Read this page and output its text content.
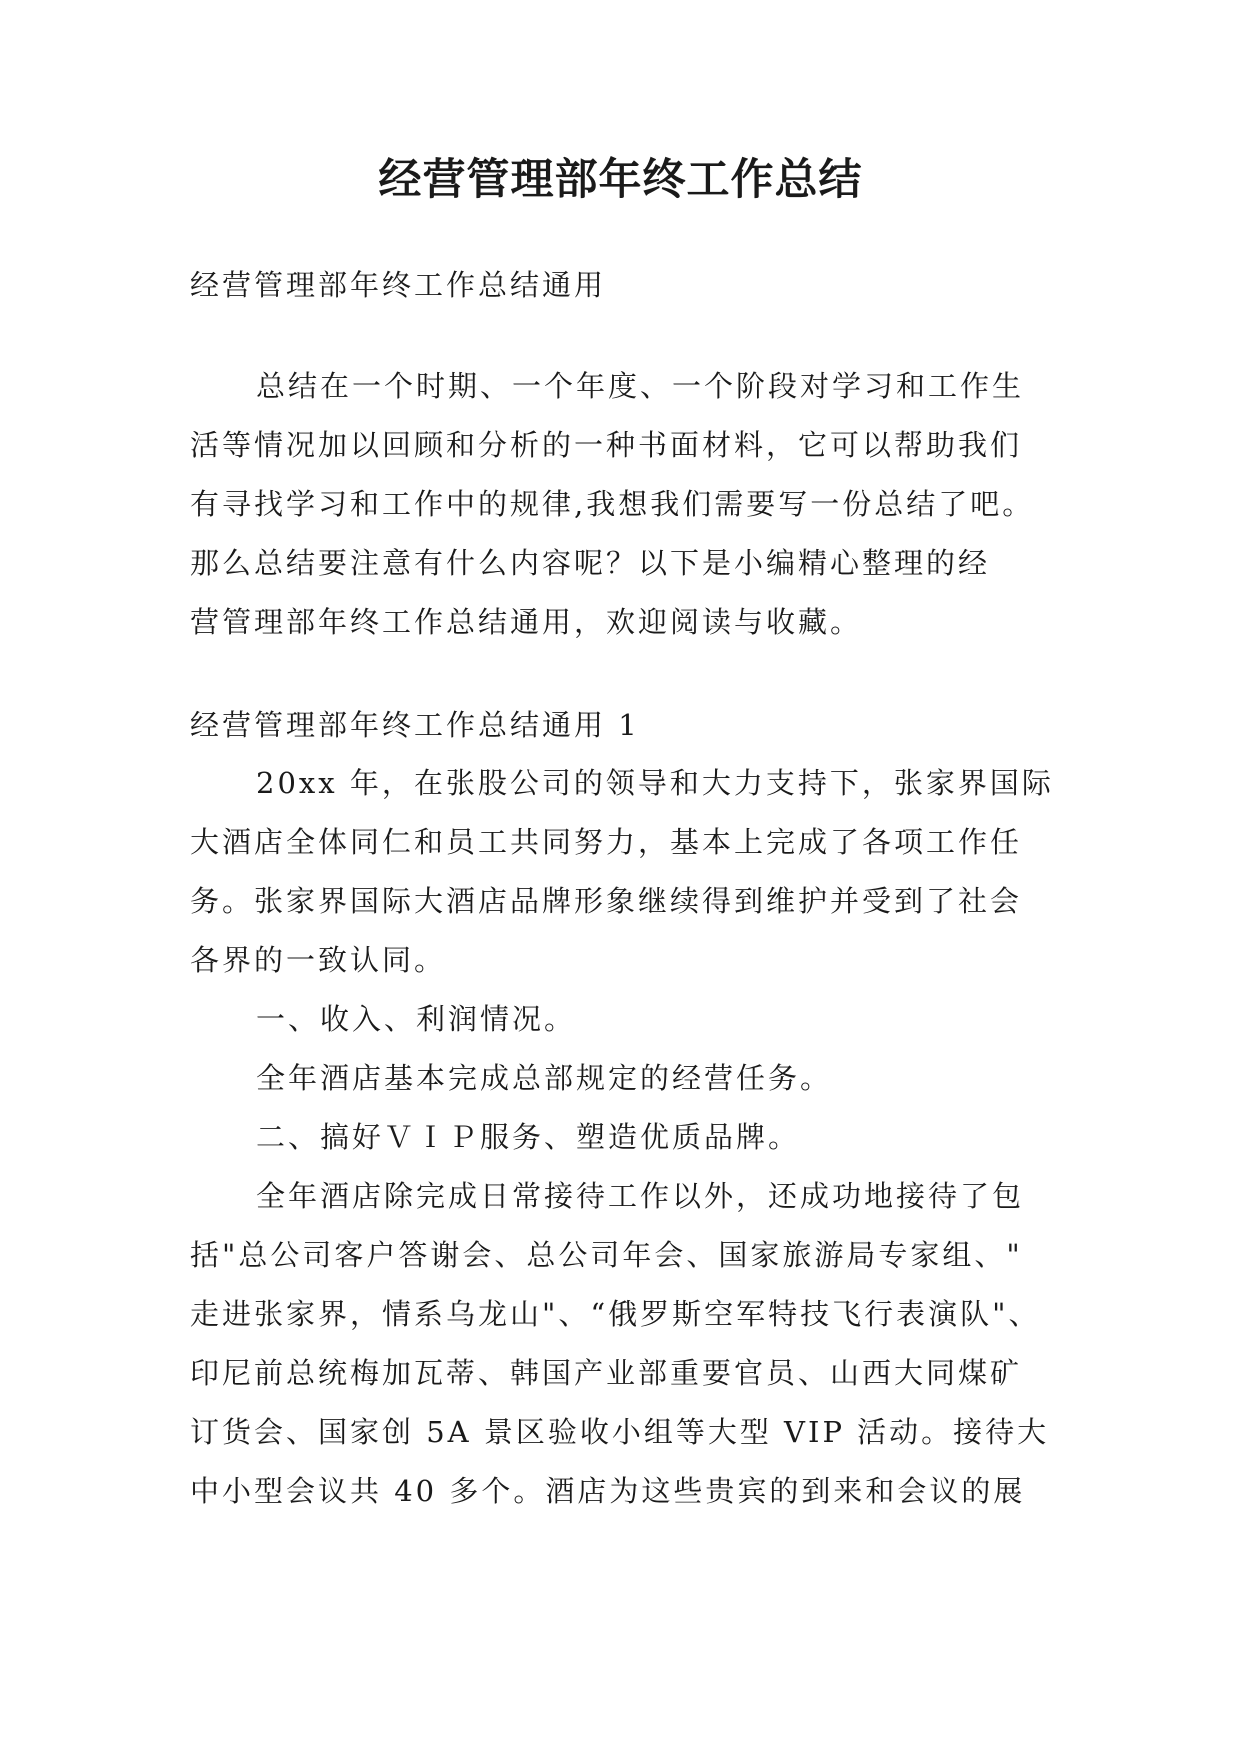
经营管理部年终工作总结
经营管理部年终工作总结通用
总结在一个时期、一个年度、一个阶段对学习和工作生
活等情况加以回顾和分析的一种书面材料，它可以帮助我们
有寻找学习和工作中的规律,我想我们需要写一份总结了吧。
那么总结要注意有什么内容呢？以下是小编精心整理的经
营管理部年终工作总结通用，欢迎阅读与收藏。
经营管理部年终工作总结通用 1
20xx 年，在张股公司的领导和大力支持下，张家界国际
大酒店全体同仁和员工共同努力，基本上完成了各项工作任
务。张家界国际大酒店品牌形象继续得到维护并受到了社会
各界的一致认同。
一、收入、利润情况。
全年酒店基本完成总部规定的经营任务。
二、搞好ＶＩＰ服务、塑造优质品牌。
全年酒店除完成日常接待工作以外，还成功地接待了包
括"总公司客户答谢会、总公司年会、国家旅游局专家组、"
走进张家界，情系乌龙山"、“俄罗斯空军特技飞行表演队"、
印尼前总统梅加瓦蒂、韩国产业部重要官员、山西大同煤矿
订货会、国家创 5A 景区验收小组等大型 VIP 活动。接待大
中小型会议共 40 多个。酒店为这些贵宾的到来和会议的展
